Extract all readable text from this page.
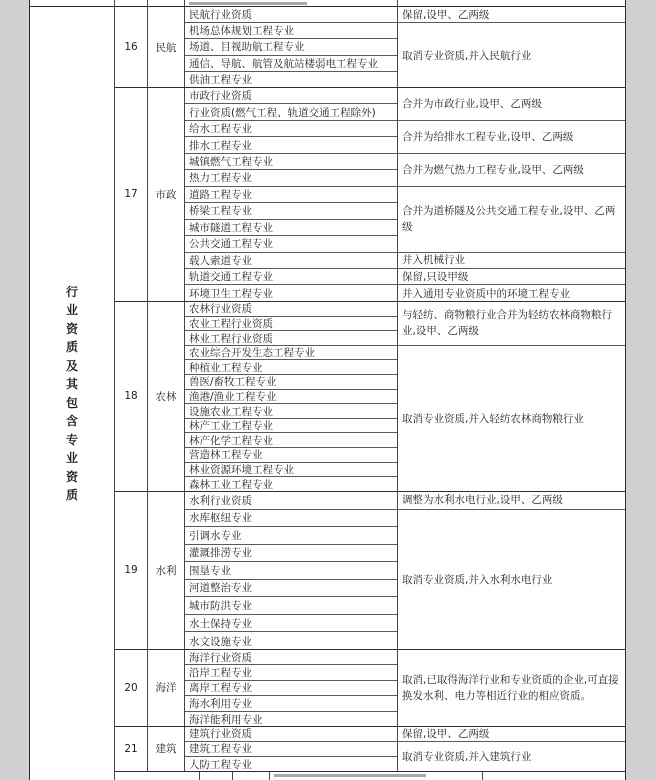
行
业
资
质
及
其
包
含
专
业
资
质
16 民航
民航行业资质
机场总体规划工程专业
场道、目视助航工程专业
通信、导航、航管及航站楼弱电工程专业
供油工程专业
保留,设甲、乙两级
取消专业资质,并入民航行业
17 市政
市政行业资质
行业资质(燃气工程、轨道交通工程除外)
给水工程专业
排水工程专业
城镇燃气工程专业
热力工程专业
道路工程专业
桥梁工程专业
城市隧道工程专业
公共交通工程专业
载人索道专业
轨道交通工程专业
环境卫生工程专业
合并为市政行业,设甲、乙两级
合并为给排水工程专业,设甲、乙两级
合并为燃气热力工程专业,设甲、乙两级
合并为道桥隧及公共交通工程专业,设甲、乙两级
并入机械行业
保留,只设甲级
并入通用专业资质中的环境工程专业
18 农林
农林行业资质
农业工程行业资质
林业工程行业资质
农业综合开发生态工程专业
种植业工程专业
兽医/畜牧工程专业
渔港/渔业工程专业
设施农业工程专业
林产工业工程专业
林产化学工程专业
营造林工程专业
林业资源环境工程专业
森林工业工程专业
与轻纺、商物粮行业合并为轻纺农林商物粮行业,设甲、乙两级
取消专业资质,并入轻纺农林商物粮行业
19 水利
水利行业资质
水库枢纽专业
引调水专业
灌溉排涝专业
围垦专业
河道整治专业
城市防洪专业
水土保持专业
水文设施专业
调整为水利水电行业,设甲、乙两级
取消专业资质,并入水利水电行业
20 海洋
海洋行业资质
沿岸工程专业
离岸工程专业
海水利用专业
海洋能利用专业
取消,已取得海洋行业和专业资质的企业,可直接换发水利、电力等相近行业的相应资质。
21 建筑
建筑行业资质
建筑工程专业
人防工程专业
保留,设甲、乙两级
取消专业资质,并入建筑行业
